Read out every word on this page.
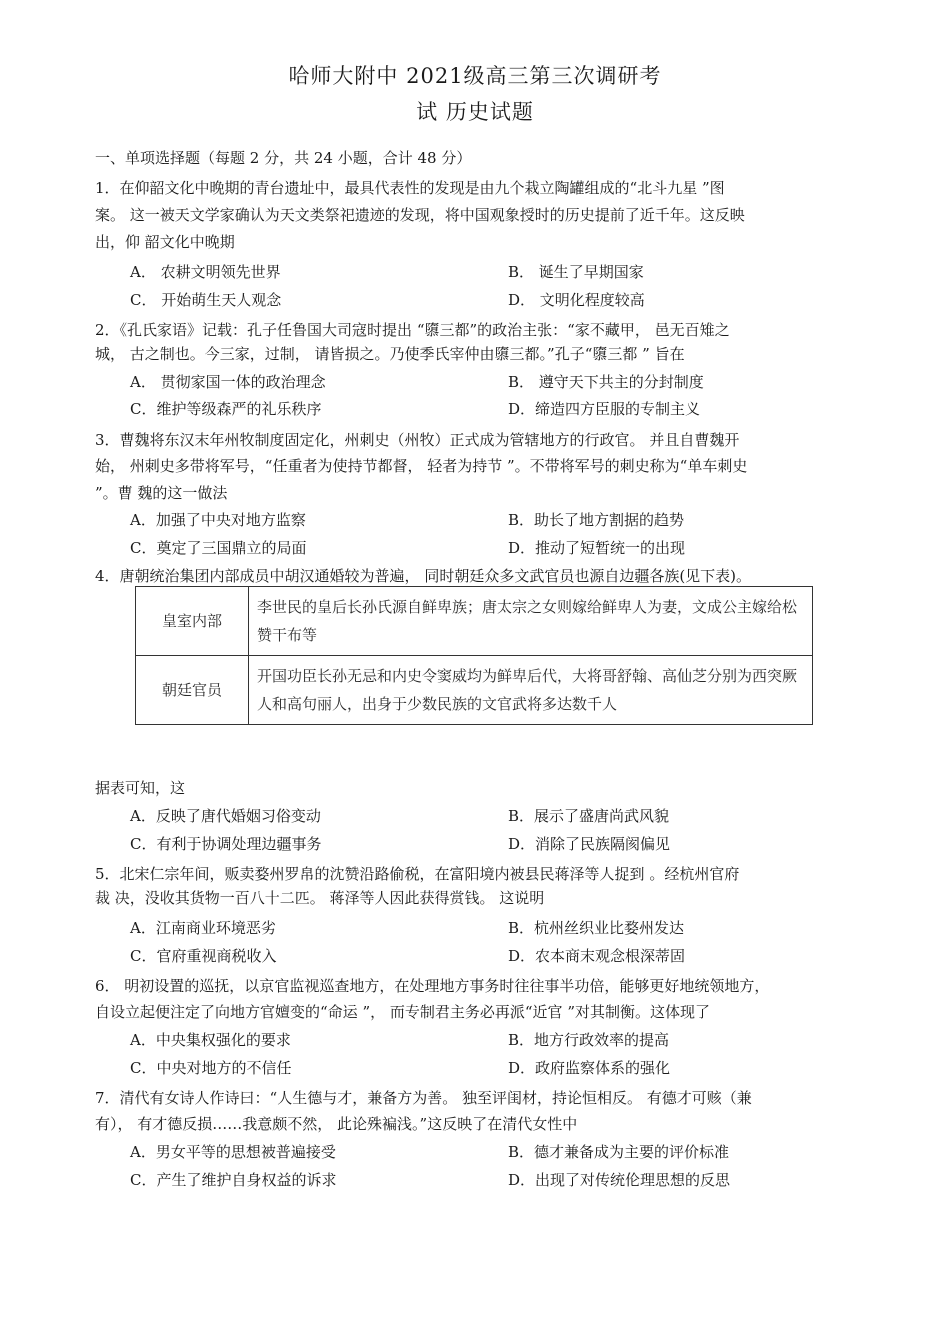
哈师大附中 2021级高三第三次调研考
试 历史试题
一、单项选择题（每题 2 分，共 24 小题，合计 48 分）
1．在仰韶文化中晚期的青台遗址中，最具代表性的发现是由九个栽立陶罐组成的“北斗九星 ”图
案。 这一被天文学家确认为天文类祭祀遗迹的发现，将中国观象授时的历史提前了近千年。这反映
出，仰 韶文化中晚期
A． 农耕文明领先世界	B． 诞生了早期国家
C． 开始萌生天人观念	D． 文明化程度较高
2．《孔氏家语》记载：孔子任鲁国大司寇时提出 “隳三都”的政治主张：“家不藏甲， 邑无百雉之
城， 古之制也。今三家，过制， 请皆损之。乃使季氏宰仲由隳三都。”孔子“隳三都 ” 旨在
A． 贯彻家国一体的政治理念	B． 遵守天下共主的分封制度
C．维护等级森严的礼乐秩序	D．缔造四方臣服的专制主义
3．曹魏将东汉末年州牧制度固定化，州刺史（州牧）正式成为管辖地方的行政官。 并且自曹魏开
始， 州刺史多带将军号，“任重者为使持节都督， 轻者为持节 ”。不带将军号的刺史称为“单车刺史
”。曹 魏的这一做法
A．加强了中央对地方监察	B．助长了地方割据的趋势
C．奠定了三国鼎立的局面	D．推动了短暂统一的出现
4．唐朝统治集团内部成员中胡汉通婚较为普遍， 同时朝廷众多文武官员也源自边疆各族(见下表)。
皇室内部	李世民的皇后长孙氏源自鲜卑族；唐太宗之女则嫁给鲜卑人为妻，文成公主嫁给松赞干布等
朝廷官员	开国功臣长孙无忌和内史令窦威均为鲜卑后代，大将哥舒翰、高仙芝分别为西突厥人和高句丽人，出身于少数民族的文官武将多达数千人
据表可知，这
A．反映了唐代婚姻习俗变动	B．展示了盛唐尚武风貌
C．有利于协调处理边疆事务	D．消除了民族隔阂偏见
5．北宋仁宗年间，贩卖婺州罗帛的沈赞沿路偷税，在富阳境内被县民蒋泽等人捉到 。经杭州官府
裁 决，没收其货物一百八十二匹。 蒋泽等人因此获得赏钱。 这说明
A．江南商业环境恶劣	B．杭州丝织业比婺州发达
C．官府重视商税收入	D．农本商末观念根深蒂固
6． 明初设置的巡抚，以京官监视巡查地方，在处理地方事务时往往事半功倍，能够更好地统领地方，
自设立起便注定了向地方官嬗变的“命运 ”， 而专制君主务必再派“近官 ”对其制衡。这体现了
A．中央集权强化的要求	B．地方行政效率的提高
C．中央对地方的不信任	D．政府监察体系的强化
7．清代有女诗人作诗曰：“人生德与才，兼备方为善。 独至评闺材，持论恒相反。 有德才可赅（兼
有）， 有才德反损……我意颇不然， 此论殊褊浅。”这反映了在清代女性中
A．男女平等的思想被普遍接受	B．德才兼备成为主要的评价标准
C．产生了维护自身权益的诉求	D．出现了对传统伦理思想的反思
